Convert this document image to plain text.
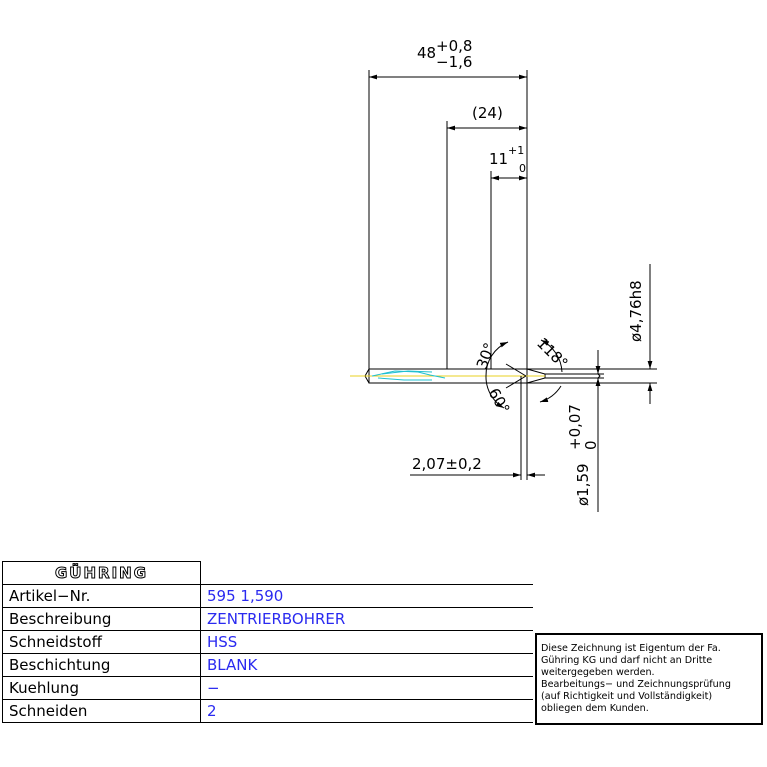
48 +0,8
−1,6
(24)
11 +1
0
ø4,76h8
ø1,59
+0,07
0
2,07±0,2
30°
60°
118°
GÜHRING	
Artikel−Nr.	595 1,590
Beschreibung	ZENTRIERBOHRER
Schneidstoff	HSS
Beschichtung	BLANK
Kuehlung	−
Schneiden	2
Diese Zeichnung ist Eigentum der Fa.
Gühring KG und darf nicht an Dritte
weitergegeben werden.
Bearbeitungs− und Zeichnungsprüfung
(auf Richtigkeit und Vollständigkeit)
obliegen dem Kunden.
